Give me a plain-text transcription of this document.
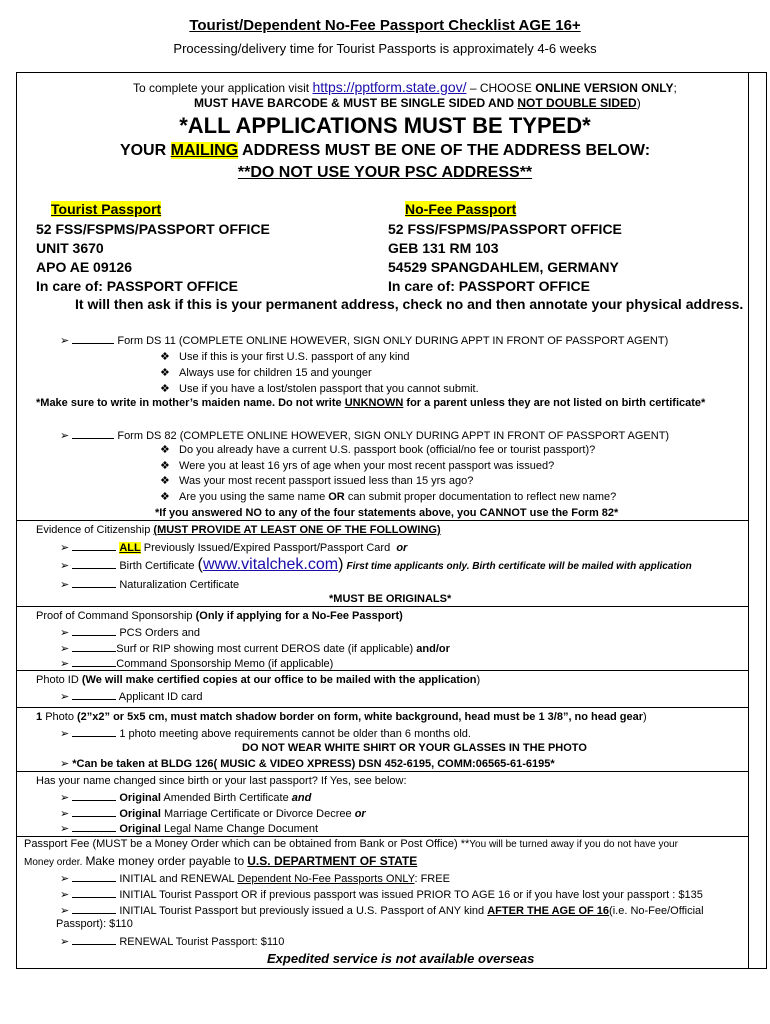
Tourist/Dependent No-Fee Passport Checklist AGE 16+
Processing/delivery time for Tourist Passports is approximately 4-6 weeks
To complete your application visit https://pptform.state.gov/ – CHOOSE ONLINE VERSION ONLY;
MUST HAVE BARCODE & MUST BE SINGLE SIDED AND NOT DOUBLE SIDED)
*ALL APPLICATIONS MUST BE TYPED*
YOUR MAILING ADDRESS MUST BE ONE OF THE ADDRESS BELOW:
**DO NOT USE YOUR PSC ADDRESS**
Tourist Passport
52 FSS/FSPMS/PASSPORT OFFICE
UNIT 3670
APO AE 09126
In care of: PASSPORT OFFICE
No-Fee Passport
52 FSS/FSPMS/PASSPORT OFFICE
GEB 131 RM 103
54529 SPANGDAHLEM, GERMANY
In care of: PASSPORT OFFICE
It will then ask if this is your permanent address, check no and then annotate your physical address.
➢  Form DS 11 (COMPLETE ONLINE HOWEVER, SIGN ONLY DURING APPT IN FRONT OF PASSPORT AGENT)
❖    Use if this is your first U.S. passport of any kind
❖    Always use for children 15 and younger
❖    Use if you have a lost/stolen passport that you cannot submit.
*Make sure to write in mother’s maiden name. Do not write UNKNOWN for a parent unless they are not listed on birth certificate*
➢  Form DS 82 (COMPLETE ONLINE HOWEVER, SIGN ONLY DURING APPT IN FRONT OF PASSPORT AGENT)
❖    Do you already have a current U.S. passport book (official/no fee or tourist passport)?
❖    Were you at least 16 yrs of age when your most recent passport was issued?
❖    Was your most recent passport issued less than 15 yrs ago?
❖    Are you using the same name OR can submit proper documentation to reflect new name?
*If you answered NO to any of the four statements above, you CANNOT use the Form 82*
Evidence of Citizenship (MUST PROVIDE AT LEAST ONE OF THE FOLLOWING)
➢  ALL Previously Issued/Expired Passport/Passport Card or
➢  Birth Certificate (www.vitalchek.com) First time applicants only. Birth certificate will be mailed with application
➢  Naturalization Certificate
*MUST BE ORIGINALS*
Proof of Command Sponsorship (Only if applying for a No-Fee Passport)
➢  PCS Orders and
➢ Surf or RIP showing most current DEROS date (if applicable) and/or
➢ Command Sponsorship Memo (if applicable)
Photo ID (We will make certified copies at our office to be mailed with the application)
➢  Applicant ID card
1 Photo (2”x2” or 5x5 cm, must match shadow border on form, white background, head must be 1 3/8”, no head gear)
➢  1 photo meeting above requirements cannot be older than 6 months old.
DO NOT WEAR WHITE SHIRT OR YOUR GLASSES IN THE PHOTO
➢ *Can be taken at BLDG 126( MUSIC & VIDEO XPRESS) DSN 452-6195, COMM:06565-61-6195*
Has your name changed since birth or your last passport? If Yes, see below:
➢  Original Amended Birth Certificate and
➢  Original Marriage Certificate or Divorce Decree or
➢  Original Legal Name Change Document
Passport Fee (MUST be a Money Order which can be obtained from Bank or Post Office) **You will be turned away if you do not have your
Money order. Make money order payable to U.S. DEPARTMENT OF STATE
➢  INITIAL and RENEWAL Dependent No-Fee Passports ONLY: FREE
➢  INITIAL Tourist Passport OR if previous passport was issued PRIOR TO AGE 16 or if you have lost your passport : $135
➢  INITIAL Tourist Passport but previously issued a U.S. Passport of ANY kind AFTER THE AGE OF 16(i.e. No-Fee/Official
Passport): $110
➢  RENEWAL Tourist Passport: $110
Expedited service is not available overseas
